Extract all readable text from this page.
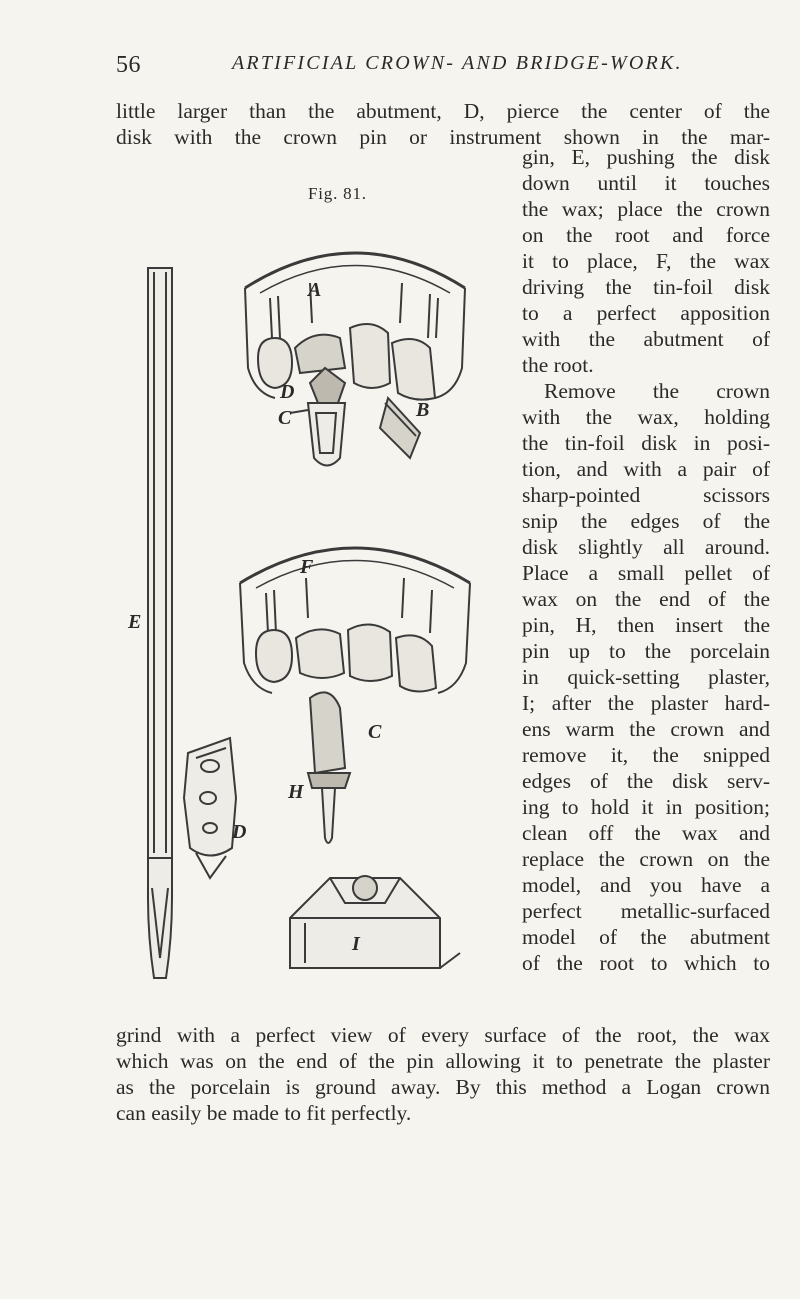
56	ARTIFICIAL CROWN- AND BRIDGE-WORK.
little larger than the abutment, D, pierce the center of the
disk with the crown pin or instrument shown in the mar-
Fig. 81.
gin, E, pushing the disk
down until it touches
the wax; place the crown
on the root and force
it to place, F, the wax
driving the tin-foil disk
to a perfect apposition
with the abutment of
the root.
Remove the crown
with the wax, holding
the tin-foil disk in posi-
tion, and with a pair of
sharp-pointed scissors
snip the edges of the
disk slightly all around.
Place a small pellet of
wax on the end of the
pin, H, then insert the
pin up to the porcelain
in quick-setting plaster,
I; after the plaster hard-
ens warm the crown and
remove it, the snipped
edges of the disk serv-
ing to hold it in position;
clean off the wax and
replace the crown on the
model, and you have a
perfect metallic-surfaced
model of the abutment
of the root to which to
grind with a perfect view of every surface of the root, the wax
which was on the end of the pin allowing it to penetrate the plaster
as the porcelain is ground away. By this method a Logan crown
can easily be made to fit perfectly.
A
D
B
C
F
E
C
H
D
I
